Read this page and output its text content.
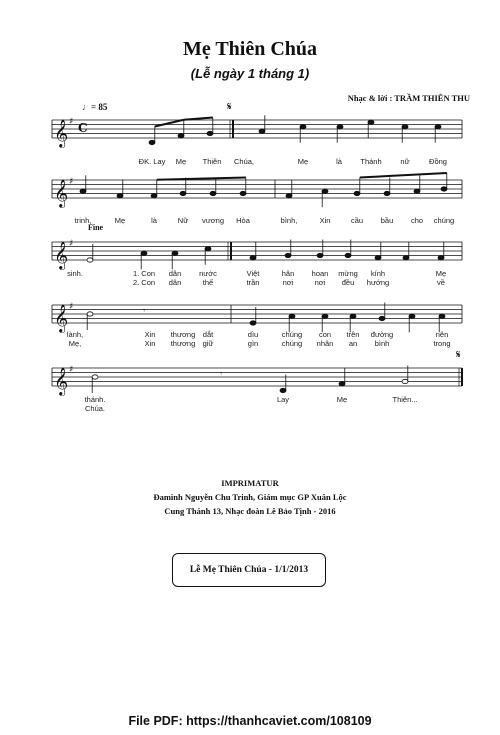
Mẹ Thiên Chúa
(Lễ ngày 1 tháng 1)
Nhạc & lời : TRẦM THIÊN THU
♩= 85
Fine
𝄞 ♯
𝄞 ♯
𝄞 ♯
𝄞 ♯
𝄞 ♯
C
𝄋
𝄋
𝄾
𝄾
ĐK. Lay Mẹ Thiên Chúa,	Mẹ	là Thánh	nữ	Đồng
trinh,	Mẹ	là	Nữ vương Hòa	bình,	Xin	cầu bầu cho chúng
sinh.	1. Con dân nước	Việt	hân hoan mừng kính	Mẹ
2. Con dân	thế	trần	nơi	nơi đều hướng	về
lành,	Xin thương dắt	dìu	chúng con trên đường	nên
Mẹ,	Xin thương giữ	gìn	chúng nhân an bình	trong
thánh.	Lay	Mẹ	Thiên...
Chúa.
IMPRIMATUR
Đaminh Nguyễn Chu Trinh, Giám mục GP Xuân Lộc
Cung Thánh 13, Nhạc đoàn Lê Bảo Tịnh - 2016
Lễ Mẹ Thiên Chúa - 1/1/2013
File PDF: https://thanhcaviet.com/108109
